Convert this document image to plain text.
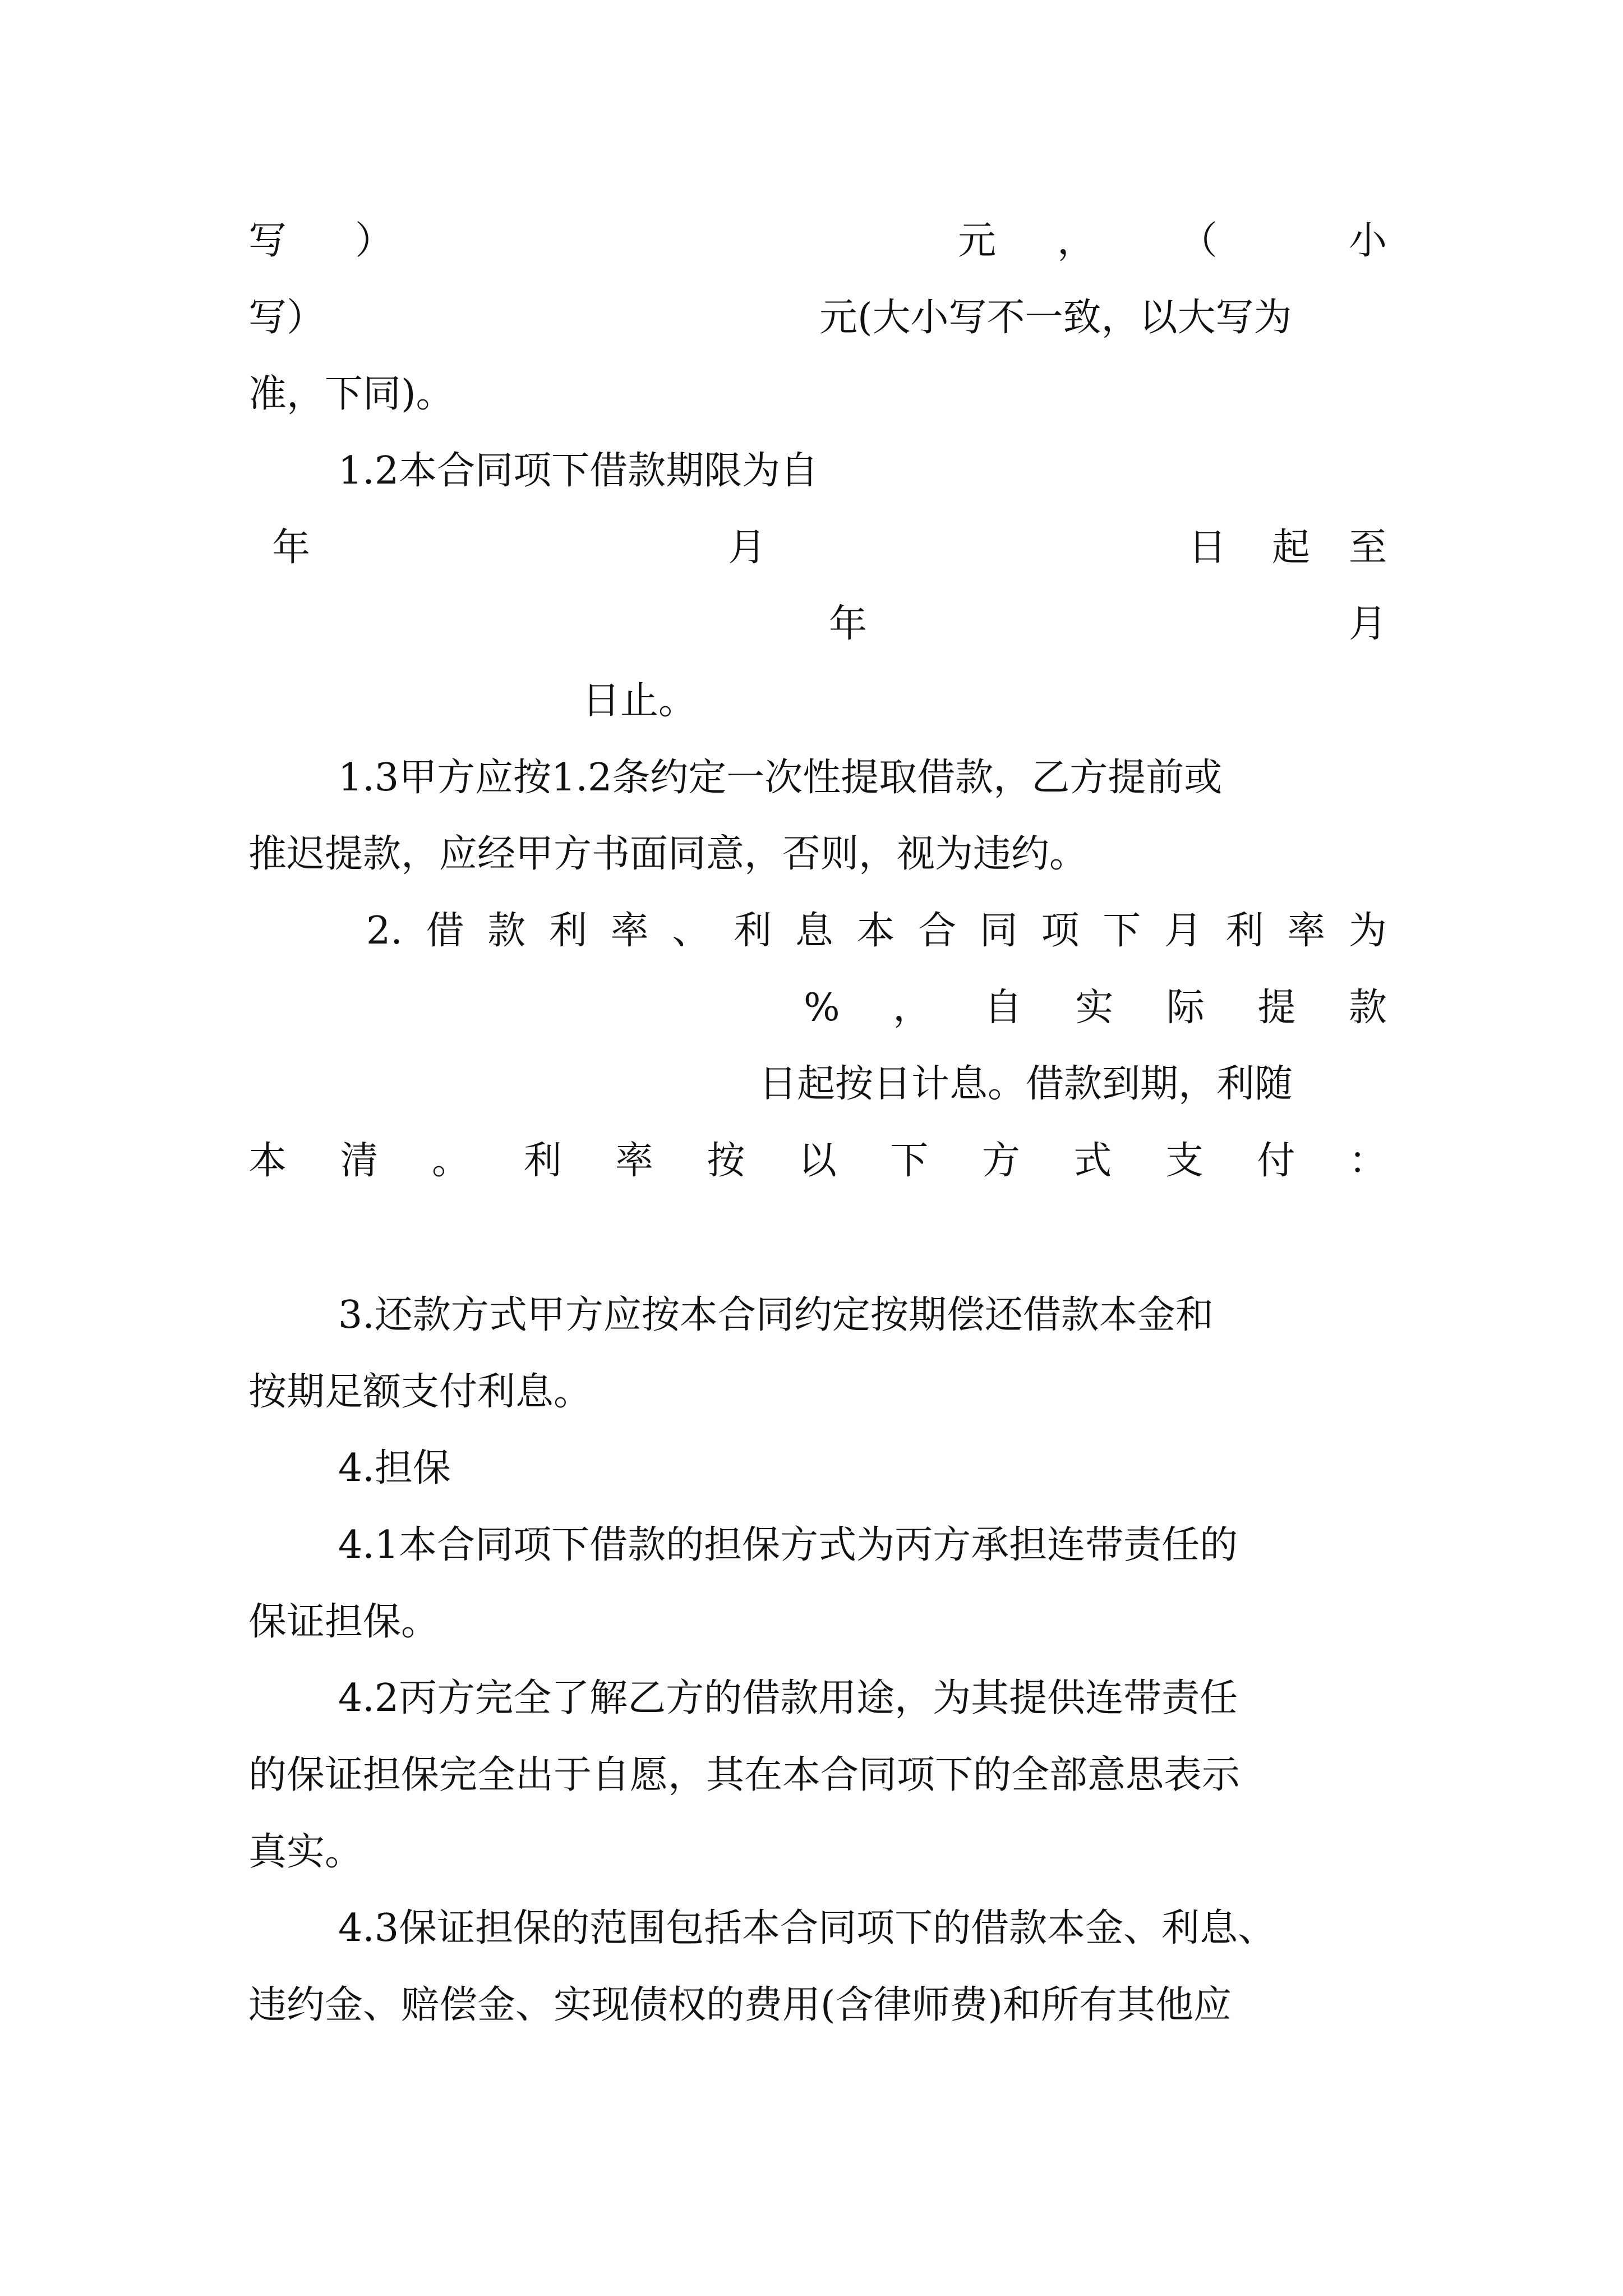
写 ）	元 ， （	小
写）	元(大小写不一致，以大写为
准，下同)。
1.2本合同项下借款期限为自
年	月	日 起 至
年	月
日止。
1.3甲方应按1.2条约定一次性提取借款，乙方提前或
推迟提款，应经甲方书面同意，否则，视为违约。
2. 借 款 利 率 、 利 息 本 合 同 项 下 月 利 率 为
% ， 自 实 际 提 款
日起按日计息。借款到期，利随
本 清 。 利 率 按 以 下 方 式 支 付 ：
3.还款方式甲方应按本合同约定按期偿还借款本金和
按期足额支付利息。
4.担保
4.1本合同项下借款的担保方式为丙方承担连带责任的
保证担保。
4.2丙方完全了解乙方的借款用途，为其提供连带责任
的保证担保完全出于自愿，其在本合同项下的全部意思表示
真实。
4.3保证担保的范围包括本合同项下的借款本金、利息、
违约金、赔偿金、实现债权的费用(含律师费)和所有其他应
